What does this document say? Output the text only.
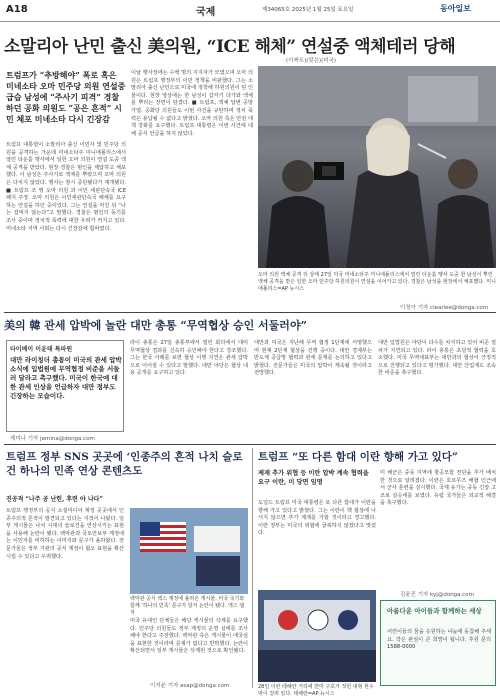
A18	국제	제34065호 2025년 1월 25일 토요일	동아일보
소말리아 난민 출신 美의원, “ICE 해체” 연설중 액체테러 당해
(이짜트)(맞은)(미국)
트럼프가 “추방해야” 폭로 혹은 미네소타 오마 민주당 의원 연설중 급습 남성에 “주사기 피격” 경찰하던 공화 의원도 “공은 흔적” 시민 체포 미네소타 다시 긴장감
트럼프 대통령이 소말리아 출신 이민자 및 민주당 의원을 공격하는 가운데 미네소타주 미니애폴리스에서 열린 타운홀 행사에서 일한 오마 의원이 연설 도중 액체 공격을 받았다. 현장 경찰은 범인을 제압하고 체포했다. 이 남성은 주사기로 액체를 뿌렸으며 오마 의원은 다치지 않았다. 행사는 잠시 중단됐다가 재개됐다. ■ 트럼프 조 행 오마 의원 과 이민 세관단속국 ICE 폐지 주장. 오마 의원은 이민세관단속국 해체를 요구하는 연설을 하던 중이었다. 그는 연설을 마친 뒤 “나는 겁먹지 않는다”고 말했다. 경찰은 범인의 동기를 조사 중이며 정치적 폭력에 대한 우려가 커지고 있다. 미네소타 지역 사회는 다시 긴장감에 휩싸였다.
이날 행사장에는 수백 명의 지지자가 모였으며 오마 의원은 트럼프 행정부의 이민 정책을 비판했다. 그는 소말리아 출신 난민으로 미국에 정착해 하원의원이 된 인물이다. 현장 영상에는 한 남성이 갑자기 다가와 액체를 뿌리는 장면이 담겼다. ■ 트럼프, 액체 답변 공방 가열. 공화당 의원들도 이번 사건을 규탄하며 정치 폭력은 용납될 수 없다고 밝혔다. 오마 의원 측은 안전 대책 강화를 요구했다. 트럼프 대통령은 이번 사건에 대해 공식 언급을 하지 않았다.
오마 의원 액체 공격 뒤 상태 27일 미국 미네소타주 미니애폴리스에서 열린 타운홀 행사 도중 한 남성이 뿌린 액체 공격을 받은 일한 오마 민주당 하원의원이 연설을 이어가고 있다. 경찰은 남성을 현장에서 체포했다. 미니애폴리스=AP 뉴시스
이청아 기자 clearlee@donga.com
美의 韓 관세 압박에 놀란 대만 총통 “무역협상 승인 서둘러야”
타이베이 이윤태 특파원
대만 라이칭더 총통이 미국의 관세 압박 소식에 입법원에 무역협정 비준을 서둘러 달라고 촉구했다. 미국이 한국에 대한 관세 인상을 언급하자 대만 정부도 긴장하는 모습이다.
라이 총통은 27일 총통부에서 열린 회의에서 대미 무역협상 결과를 신속히 승인해야 한다고 강조했다. 그는 한국 사례를 보면 협상 이행 지연은 관세 압박으로 이어질 수 있다고 말했다. 대만 야당은 협상 내용 공개를 요구하고 있다.
대만과 미국은 지난해 무역 협정 1단계에 서명했으며 현재 2단계 협상을 진행 중이다. 대만 경제부는 반도체 공급망 협력과 관세 문제를 논의하고 있다고 밝혔다. 전문가들은 미국의 압박이 계속될 것이라고 전망했다.
대만 입법원은 야당이 다수를 차지하고 있어 비준 절차가 지연되고 있다. 라이 총통은 초당적 협력을 호소했다. 미국 무역대표부는 대만과의 협상이 긍정적으로 진행되고 있다고 평가했다. 대만 산업계도 조속한 비준을 촉구했다.
제미나 기자 jemina@donga.com
트럼프 정부 SNS 곳곳에 ‘인종주의 흔적 나치 슬로건 하나의 민족 연상 콘텐츠도
진공적 “나주 공 난힌, 후련 아 나다”
트럼프 행정부의 공식 소셜미디어 계정 곳곳에서 인종주의적 흔적이 발견되고 있다는 지적이 나왔다. 일부 게시물은 나치 시대의 슬로건을 연상시키는 표현을 사용해 논란이 됐다. 백악관과 국토안보부 계정에는 이민자를 비하하는 이미지와 문구가 올라왔다. 전문가들은 정부 기관의 공식 계정이 혐오 표현을 확산시킬 수 있다고 우려했다.
백악관 공식 엑스 계정에 올라온 게시물. 미국 국기와 함께 ‘하나의 민족’ 문구가 담겨 논란이 됐다. 엑스 캡처
미국 유대인 단체들은 해당 게시물의 삭제를 요구했다. 민주당 의원들도 정부 계정의 운영 실태를 조사해야 한다고 주장했다. 백악관 측은 게시물이 애국심을 표현한 것이라며 문제가 없다고 반박했다. 논란이 확산되면서 일부 게시물은 삭제된 것으로 확인됐다.
이지윤 기자 asap@donga.com
트럼프 “또 다른 함대 이란 향해 가고 있다”
제재 추가 위협 등 이란 압박 계속 협력을 요구 이란, 미 당면 임명
도널드 트럼프 미국 대통령은 또 다른 함대가 이란을 향해 가고 있다고 밝혔다. 그는 이란이 핵 협상에 나서지 않으면 추가 제재를 가할 것이라고 경고했다. 이란 정부는 미국의 위협에 굴복하지 않겠다고 맞섰다.
미 해군은 중동 지역에 항공모함 전단을 추가 배치한 것으로 알려졌다. 이란은 호르무즈 해협 인근에서 군사 훈련을 실시했다. 국제 유가는 중동 긴장 고조로 상승세를 보였다. 유럽 국가들은 외교적 해결을 촉구했다.
28일 이란 테헤란 거리에 반미 구호가 적힌 대형 현수막이 걸려 있다. 테헤란=AP 뉴시스
김윤진 기자 kyj@donga.com
아름다운 아이들과 함께하는 세상
어린이들의 꿈을 응원하는 나눔에 동참해 주세요. 작은 관심이 큰 희망이 됩니다. 후원 문의 1588-0000
